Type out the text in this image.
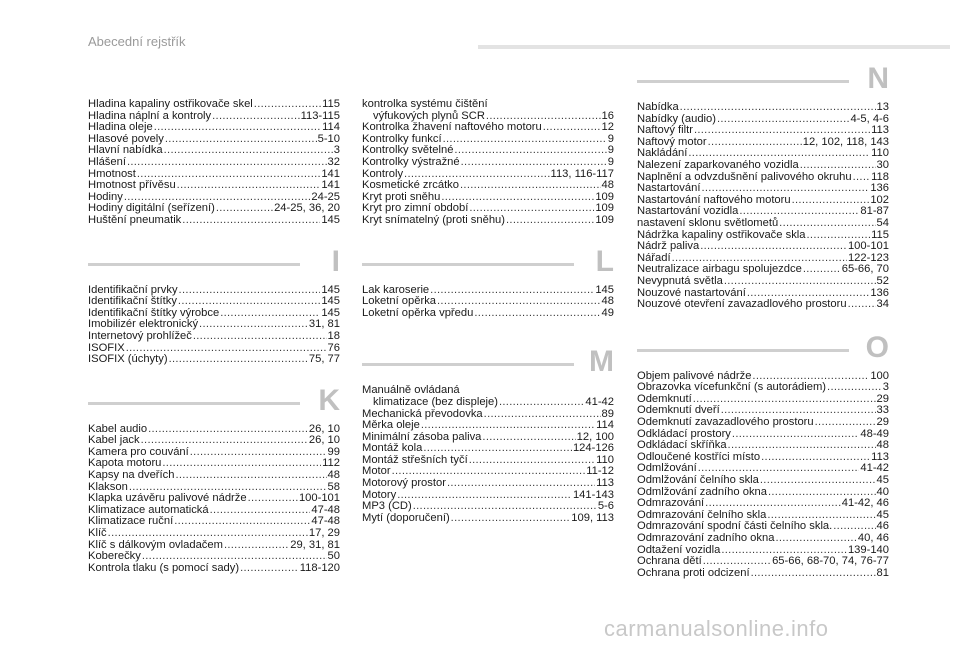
Abecední rejstřík
Hladina kapaliny ostřikovače skel .....	115
Hladina náplní a kontroly .....	113-115
Hladina oleje .....	114
Hlasové povely .....	5-10
Hlavní nabídka .....	3
Hlášení .....	32
Hmotnost .....	141
Hmotnost přívěsu .....	141
Hodiny .....	24-25
Hodiny digitální (seřízení) .....	24-25, 36, 20
Huštění pneumatik .....	145
I
Identifikační prvky .....	145
Identifikační štítky .....	145
Identifikační štítky výrobce .....	145
Imobilizér elektronický .....	31, 81
Internetový prohlížeč .....	18
ISOFIX .....	76
ISOFIX (úchyty) .....	75, 77
K
Kabel audio .....	26, 10
Kabel jack .....	26, 10
Kamera pro couvání .....	99
Kapota motoru .....	112
Kapsy na dveřích .....	48
Klakson .....	58
Klapka uzávěru palivové nádrže .....	100-101
Klimatizace automatická .....	47-48
Klimatizace ruční .....	47-48
Klíč .....	17, 29
Klíč s dálkovým ovladačem .....	29, 31, 81
Koberečky .....	50
Kontrola tlaku (s pomocí sady) .....	118-120
kontrolka systému čištění
výfukových plynů SCR .....	16
Kontrolka žhavení naftového motoru .....	12
Kontrolky funkcí .....	9
Kontrolky světelné .....	9
Kontrolky výstražné .....	9
Kontroly .....	113, 116-117
Kosmetické zrcátko .....	48
Kryt proti sněhu .....	109
Kryt pro zimní období .....	109
Kryt snímatelný (proti sněhu) .....	109
L
Lak karoserie .....	145
Loketní opěrka .....	48
Loketní opěrka vpředu .....	49
M
Manuálně ovládaná
klimatizace (bez displeje) .....	41-42
Mechanická převodovka .....	89
Měrka oleje .....	114
Minimální zásoba paliva .....	12, 100
Montáž kola .....	124-126
Montáž střešních tyčí .....	110
Motor .....	11-12
Motorový prostor .....	113
Motory .....	141-143
MP3 (CD) .....	5-6
Mytí (doporučení) .....	109, 113
N
Nabídka .....	13
Nabídky (audio) .....	4-5, 4-6
Naftový filtr .....	113
Naftový motor .....	12, 102, 118, 143
Nakládání .....	110
Nalezení zaparkovaného vozidla .....	30
Naplnění a odvzdušnění palivového okruhu ..... 118
Nastartování .....	136
Nastartování naftového motoru .....	102
Nastartování vozidla .....	81-87
nastavení sklonu světlometů .....	54
Nádržka kapaliny ostřikovače skla .....	115
Nádrž paliva .....	100-101
Nářadí .....	122-123
Neutralizace airbagu spolujezdce .....	65-66, 70
Nevypnutá světla .....	52
Nouzové nastartování .....	136
Nouzové otevření zavazadlového prostoru .....	34
O
Objem palivové nádrže .....	100
Obrazovka vícefunkční (s autorádiem) .....	3
Odemknutí .....	29
Odemknutí dveří .....	33
Odemknutí zavazadlového prostoru .....	29
Odkládací prostory .....	48-49
Odkládací skříňka .....	48
Odloučené kostříci místo .....	113
Odmlžování .....	41-42
Odmlžování čelního skla .....	45
Odmlžování zadního okna .....	40
Odmrazování .....	41-42, 46
Odmrazování čelního skla .....	45
Odmrazování spodní části čelního skla. .....	46
Odmrazování zadního okna .....	40, 46
Odtažení vozidla .....	139-140
Ochrana dětí .....	65-66, 68-70, 74, 76-77
Ochrana proti odcizení .....	81
carmanualsonline.info
